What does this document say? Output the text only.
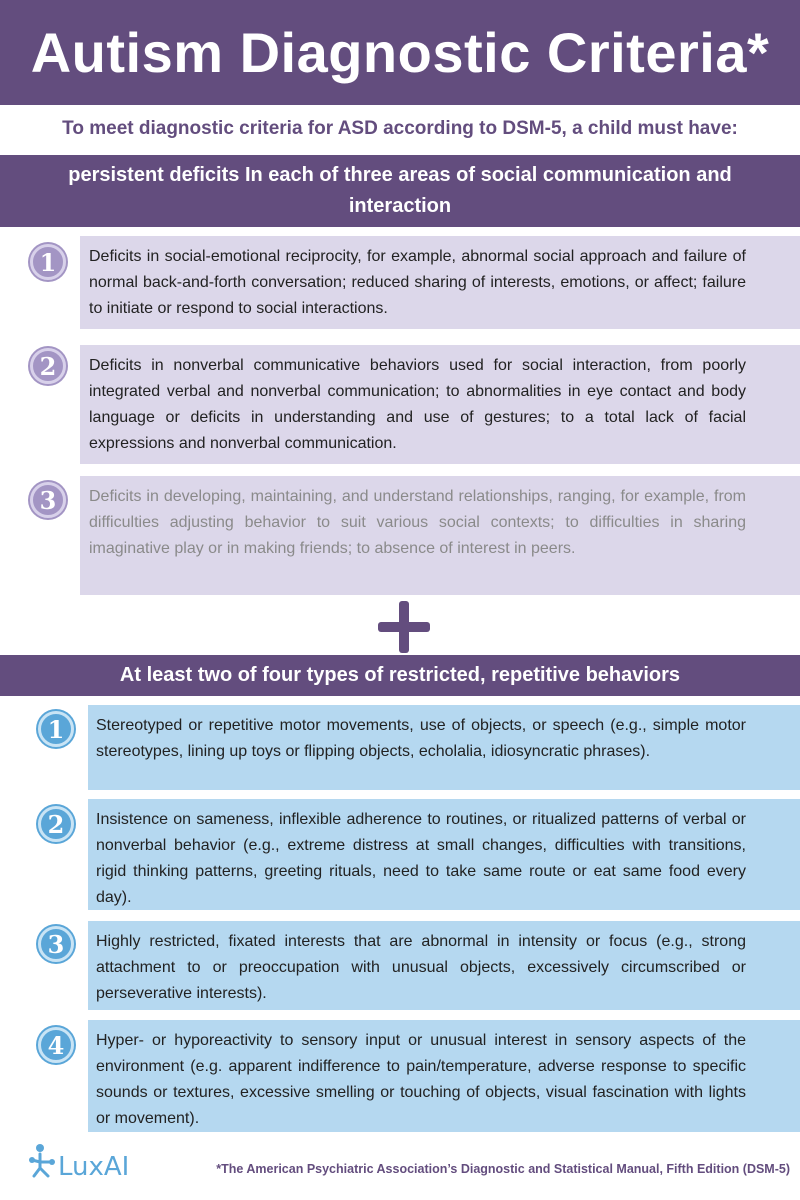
Autism Diagnostic Criteria*
To meet diagnostic criteria for ASD according to DSM-5, a child must have:
persistent deficits In each of three areas of social communication and interaction
1	Deficits in social-emotional reciprocity, for example, abnormal social approach and failure of normal back-and-forth conversation; reduced sharing of interests, emotions, or affect; failure to initiate or respond to social interactions.
2	Deficits in nonverbal communicative behaviors used for social interaction, from poorly integrated verbal and nonverbal communication; to abnormalities in eye contact and body language or deficits in understanding and use of gestures; to a total lack of facial expressions and nonverbal communication.
3	Deficits in developing, maintaining, and understand relationships, ranging, for example, from difficulties adjusting behavior to suit various social contexts; to difficulties in sharing imaginative play or in making friends; to absence of interest in peers.
At least two of four types of restricted, repetitive behaviors
1	Stereotyped or repetitive motor movements, use of objects, or speech (e.g., simple motor stereotypes, lining up toys or flipping objects, echolalia, idiosyncratic phrases).
2	Insistence on sameness, inflexible adherence to routines, or ritualized patterns of verbal or nonverbal behavior (e.g., extreme distress at small changes, difficulties with transitions, rigid thinking patterns, greeting rituals, need to take same route or eat same food every day).
3	Highly restricted, fixated interests that are abnormal in intensity or focus (e.g., strong attachment to or preoccupation with unusual objects, excessively circumscribed or perseverative interests).
4	Hyper- or hyporeactivity to sensory input or unusual interest in sensory aspects of the environment (e.g. apparent indifference to pain/temperature, adverse response to specific sounds or textures, excessive smelling or touching of objects, visual fascination with lights or movement).
LuxAI	*The American Psychiatric Association’s Diagnostic and Statistical Manual, Fifth Edition (DSM-5)
